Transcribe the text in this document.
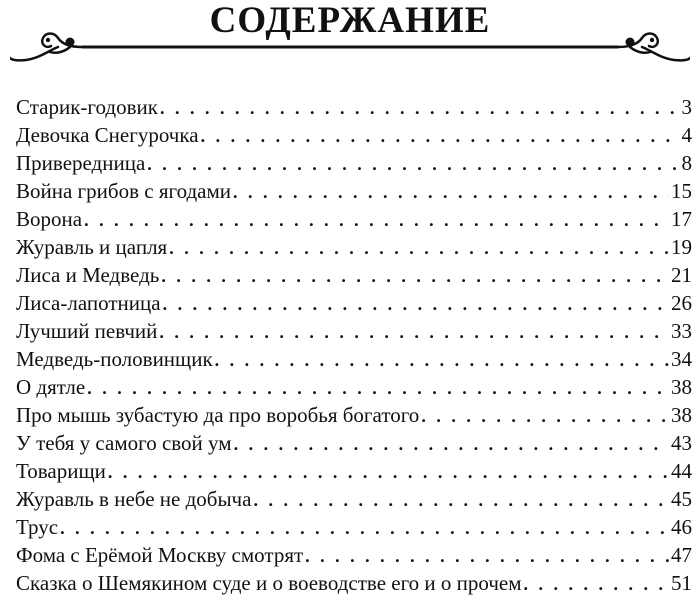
СОДЕРЖАНИЕ
Старик-годовик . . .	3
Девочка Снегурочка . . .	4
Привередница . . .	8
Война грибов с ягодами . . .	15
Ворона . . .	17
Журавль и цапля . . .	19
Лиса и Медведь . . .	21
Лиса-лапотница . . .	26
Лучший певчий . . .	33
Медведь-половинщик . . .	34
О дятле . . .	38
Про мышь зубастую да про воробья богатого . . .	38
У тебя у самого свой ум . . .	43
Товарищи . . .	44
Журавль в небе не добыча . . .	45
Трус . . .	46
Фома с Ерёмой Москву смотрят . . .	47
Сказка о Шемякином суде и о воеводстве его и о прочем . . .	51
